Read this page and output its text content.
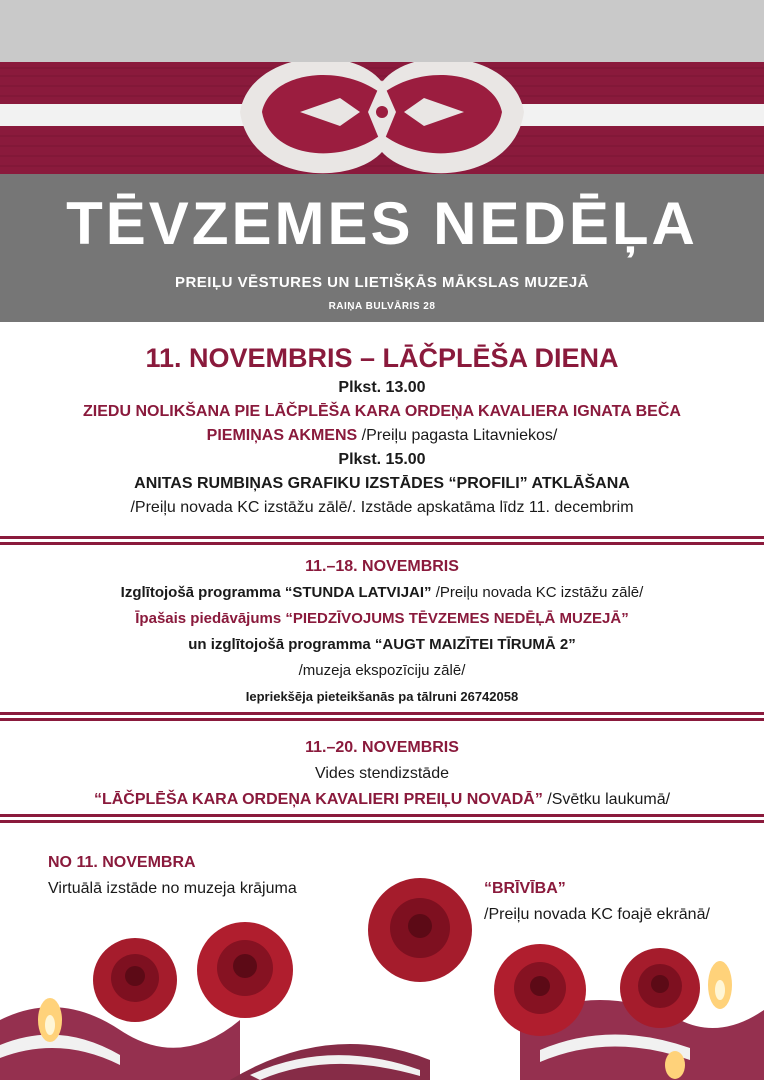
TĒVZEMES NEDĒĻA
PREIĻU VĒSTURES UN LIETIŠĶĀS MĀKSLAS MUZEJĀ
RAIŅA BULVĀRIS 28
11. NOVEMBRIS – LĀČPLĒŠA DIENA
Plkst. 13.00
ZIEDU NOLIKŠANA PIE LĀČPLĒŠA KARA ORDEŅA KAVALIERA IGNATA BEČA
PIEMIŅAS AKMENS /Preiļu pagasta Litavniekos/
Plkst. 15.00
ANITAS RUMBIŅAS GRAFIKU IZSTĀDES “PROFILI” ATKLĀŠANA
/Preiļu novada KC izstāžu zālē/. Izstāde apskatāma līdz 11. decembrim
11.–18. NOVEMBRIS
Izglītojošā programma “STUNDA LATVIJAI” /Preiļu novada KC izstāžu zālē/
Īpašais piedāvājums “PIEDZĪVOJUMS TĒVZEMES NEDĒĻĀ MUZEJĀ”
un izglītojošā programma “AUGT MAIZĪTEI TĪRUMĀ 2”
/muzeja ekspozīciju zālē/
Iepriekšēja pieteikšanās pa tālruni 26742058
11.–20. NOVEMBRIS
Vides stendizstāde
“LĀČPLĒŠA KARA ORDEŅA KAVALIERI PREIĻU NOVADĀ” /Svētku laukumā/
NO 11. NOVEMBRA
Virtuālā izstāde no muzeja krājuma	“BRĪVĪBA”
/Preiļu novada KC foajē ekrānā/
